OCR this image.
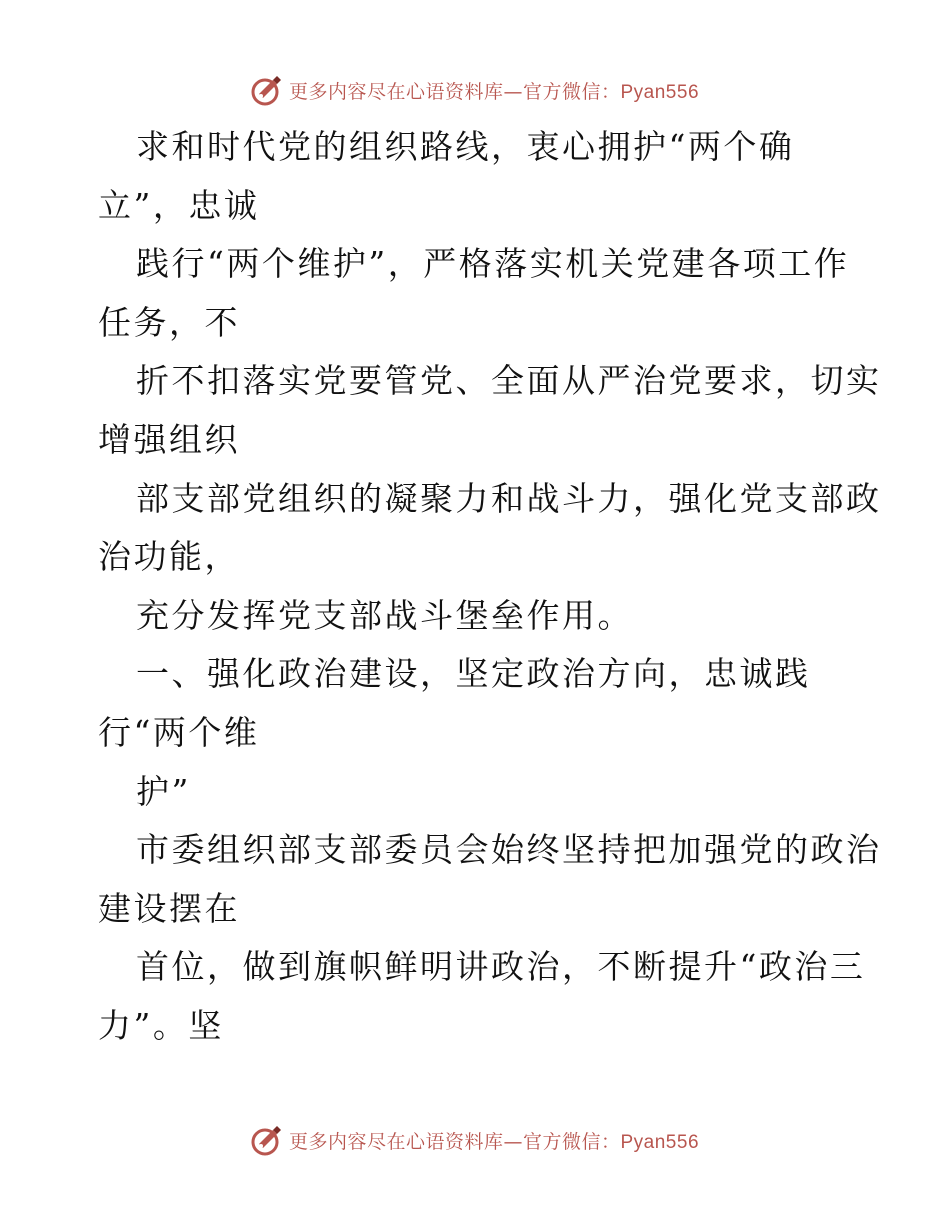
更多内容尽在心语资料库—官方微信：Pyan556
求和时代党的组织路线，衷心拥护“两个确
立”，忠诚
践行“两个维护”，严格落实机关党建各项工作
任务，不
折不扣落实党要管党、全面从严治党要求，切实
增强组织
部支部党组织的凝聚力和战斗力，强化党支部政
治功能，
充分发挥党支部战斗堡垒作用。
一、强化政治建设，坚定政治方向，忠诚践
行“两个维
护”
市委组织部支部委员会始终坚持把加强党的政治
建设摆在
首位，做到旗帜鲜明讲政治，不断提升“政治三
力”。坚
更多内容尽在心语资料库—官方微信：Pyan556
